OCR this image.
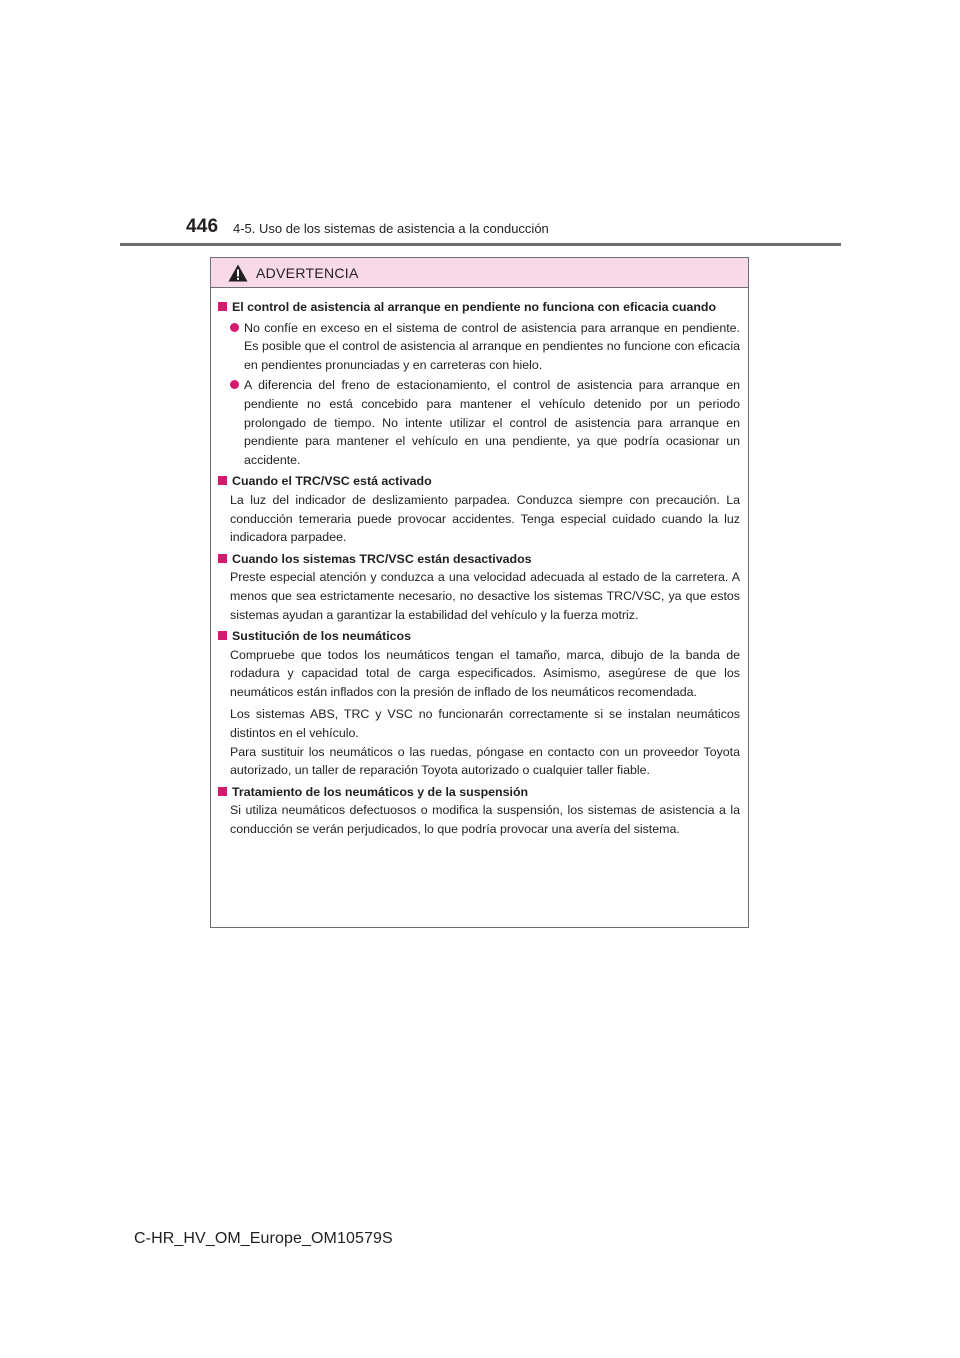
446 4-5. Uso de los sistemas de asistencia a la conducción
ADVERTENCIA
El control de asistencia al arranque en pendiente no funciona con eficacia cuando
No confíe en exceso en el sistema de control de asistencia para arranque en pendiente. Es posible que el control de asistencia al arranque en pendientes no funcione con eficacia en pendientes pronunciadas y en carreteras con hielo.
A diferencia del freno de estacionamiento, el control de asistencia para arranque en pendiente no está concebido para mantener el vehículo detenido por un periodo prolongado de tiempo. No intente utilizar el control de asistencia para arranque en pendiente para mantener el vehículo en una pendiente, ya que podría ocasionar un accidente.
Cuando el TRC/VSC está activado
La luz del indicador de deslizamiento parpadea. Conduzca siempre con precaución. La conducción temeraria puede provocar accidentes. Tenga especial cuidado cuando la luz indicadora parpadee.
Cuando los sistemas TRC/VSC están desactivados
Preste especial atención y conduzca a una velocidad adecuada al estado de la carretera. A menos que sea estrictamente necesario, no desactive los sistemas TRC/VSC, ya que estos sistemas ayudan a garantizar la estabilidad del vehículo y la fuerza motriz.
Sustitución de los neumáticos
Compruebe que todos los neumáticos tengan el tamaño, marca, dibujo de la banda de rodadura y capacidad total de carga especificados. Asimismo, asegúrese de que los neumáticos están inflados con la presión de inflado de los neumáticos recomendada.
Los sistemas ABS, TRC y VSC no funcionarán correctamente si se instalan neumáticos distintos en el vehículo.
Para sustituir los neumáticos o las ruedas, póngase en contacto con un proveedor Toyota autorizado, un taller de reparación Toyota autorizado o cualquier taller fiable.
Tratamiento de los neumáticos y de la suspensión
Si utiliza neumáticos defectuosos o modifica la suspensión, los sistemas de asistencia a la conducción se verán perjudicados, lo que podría provocar una avería del sistema.
C-HR_HV_OM_Europe_OM10579S
